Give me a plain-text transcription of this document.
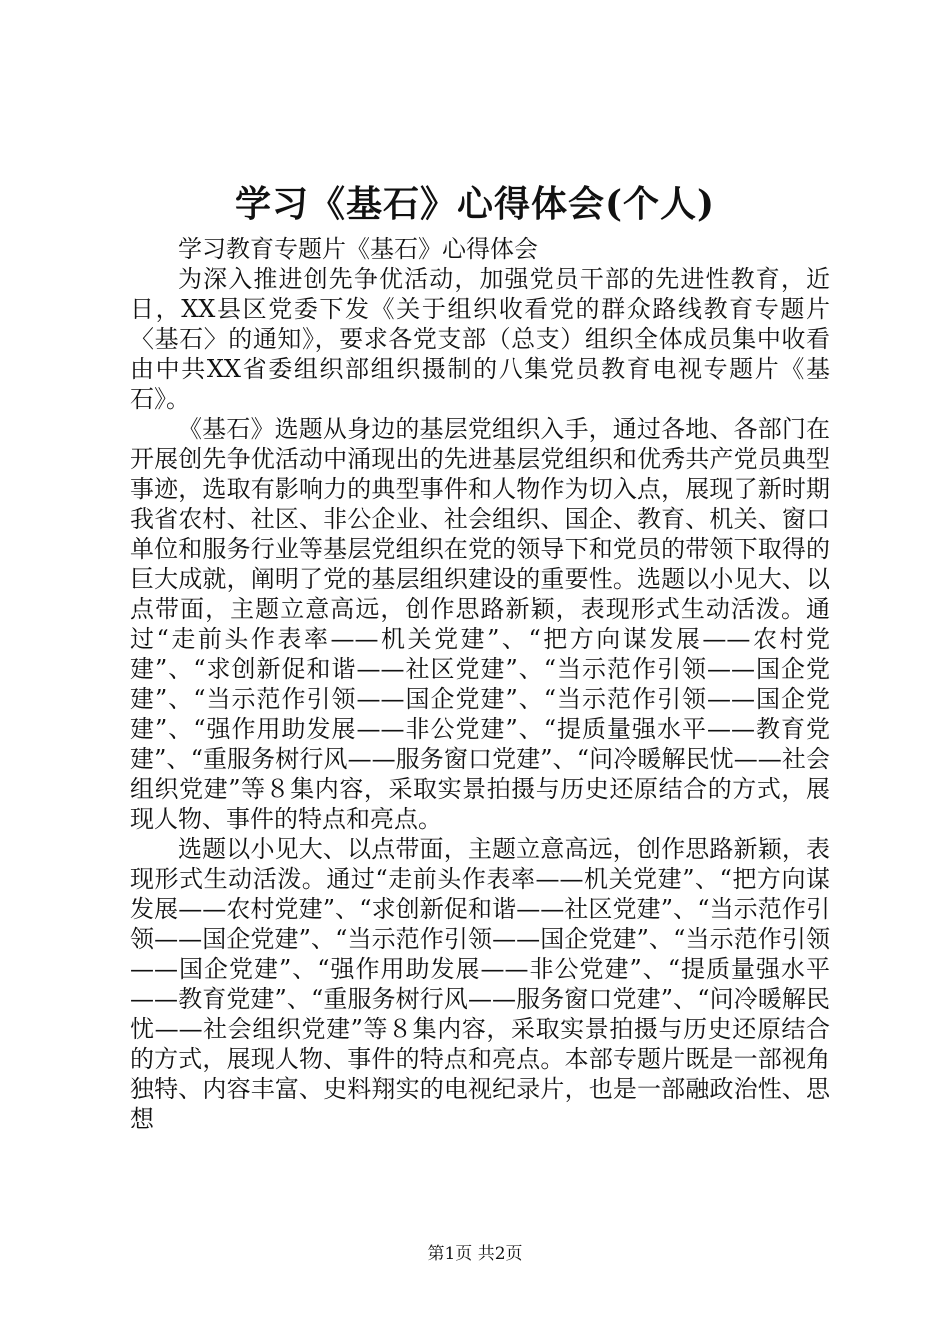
学习《基石》心得体会(个人)

学习教育专题片《基石》心得体会

为深入推进创先争优活动，加强党员干部的先进性教育，近日，XX县区党委下发《关于组织收看党的群众路线教育专题片〈基石〉的通知》，要求各党支部（总支）组织全体成员集中收看由中共XX省委组织部组织摄制的八集党员教育电视专题片《基石》。

《基石》选题从身边的基层党组织入手，通过各地、各部门在开展创先争优活动中涌现出的先进基层党组织和优秀共产党员典型事迹，选取有影响力的典型事件和人物作为切入点，展现了新时期我省农村、社区、非公企业、社会组织、国企、教育、机关、窗口单位和服务行业等基层党组织在党的领导下和党员的带领下取得的巨大成就，阐明了党的基层组织建设的重要性。选题以小见大、以点带面，主题立意高远，创作思路新颖，表现形式生动活泼。通过“走前头作表率——机关党建”、“把方向谋发展——农村党建”、“求创新促和谐——社区党建”、“当示范作引领——国企党建”、“当示范作引领——国企党建”、“当示范作引领——国企党建”、“强作用助发展——非公党建”、“提质量强水平——教育党建”、“重服务树行风——服务窗口党建”、“问冷暖解民忧——社会组织党建”等８集内容，采取实景拍摄与历史还原结合的方式，展现人物、事件的特点和亮点。

选题以小见大、以点带面，主题立意高远，创作思路新颖，表现形式生动活泼。通过“走前头作表率——机关党建”、“把方向谋发展——农村党建”、“求创新促和谐——社区党建”、“当示范作引领——国企党建”、“当示范作引领——国企党建”、“当示范作引领——国企党建”、“强作用助发展——非公党建”、“提质量强水平——教育党建”、“重服务树行风——服务窗口党建”、“问冷暖解民忧——社会组织党建”等８集内容，采取实景拍摄与历史还原结合的方式，展现人物、事件的特点和亮点。本部专题片既是一部视角独特、内容丰富、史料翔实的电视纪录片，也是一部融政治性、思想

第1页 共2页
